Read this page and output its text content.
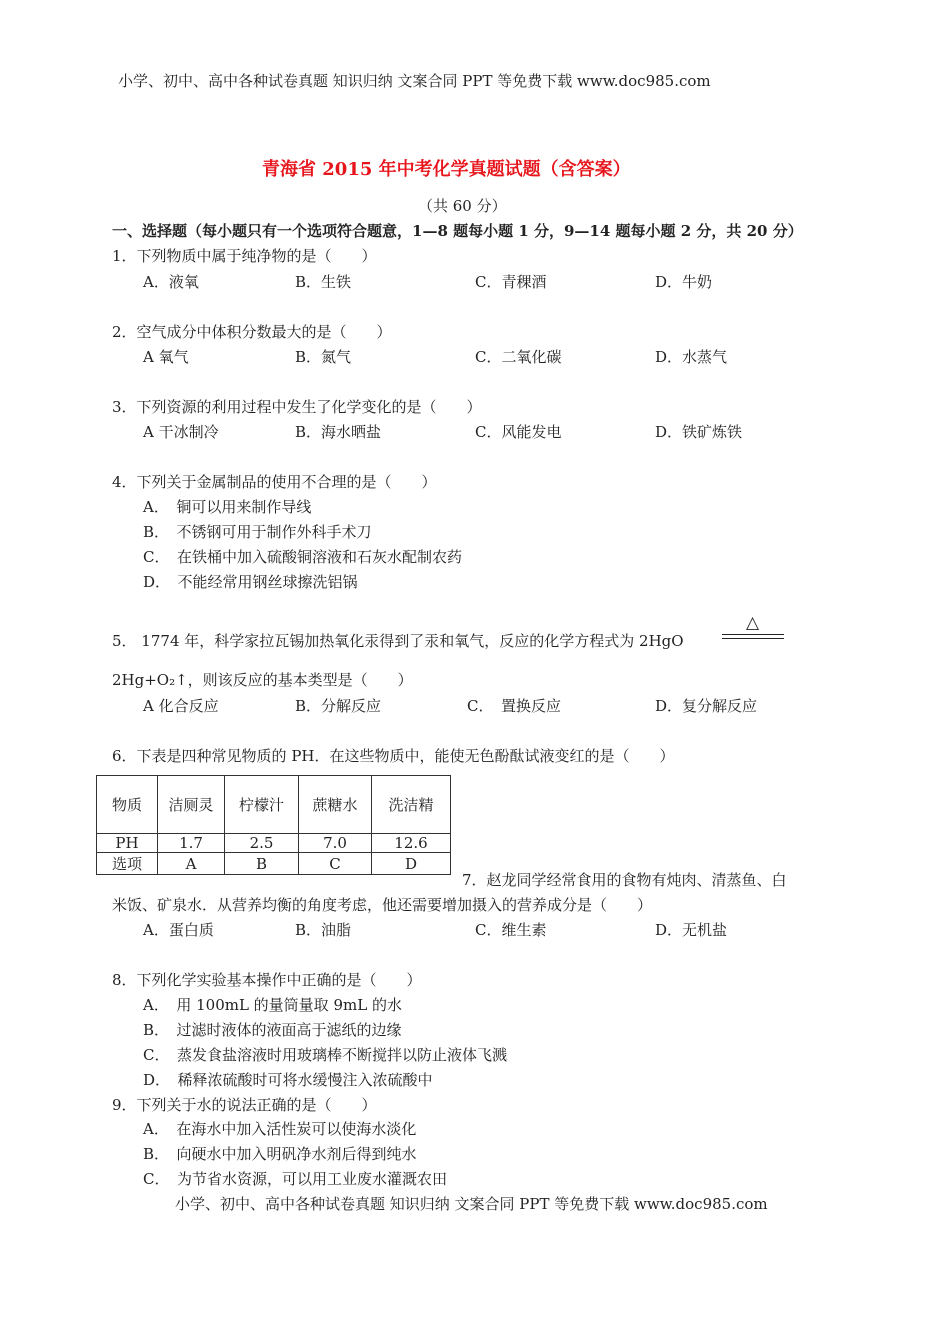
小学、初中、高中各种试卷真题 知识归纳 文案合同 PPT 等免费下载 www.doc985.com
青海省 2015 年中考化学真题试题（含答案）
（共 60 分）
一、选择题（每小题只有一个选项符合题意，1—8 题每小题 1 分，9—14 题每小题 2 分，共 20 分）
1．下列物质中属于纯净物的是（　　）
A．液氧	B．生铁	C．青稞酒	D．牛奶
2．空气成分中体积分数最大的是（　　）
A 氧气	B．氮气	C．二氧化碳	D．水蒸气
3．下列资源的利用过程中发生了化学变化的是（　　）
A 干冰制冷	B．海水晒盐	C．风能发电	D．铁矿炼铁
4．下列关于金属制品的使用不合理的是（　　）
A．　铜可以用来制作导线
B．　不锈钢可用于制作外科手术刀
C．　在铁桶中加入硫酸铜溶液和石灰水配制农药
D．　不能经常用钢丝球擦洗铝锅
5． 1774 年，科学家拉瓦锡加热氧化汞得到了汞和氧气，反应的化学方程式为 2HgO
△
2Hg+O₂↑，则该反应的基本类型是（　　）
A 化合反应	B．分解反应	C．　置换反应	D．复分解反应
6．下表是四种常见物质的 PH．在这些物质中，能使无色酚酞试液变红的是（　　）
物质	洁厕灵	柠檬汁	蔗糖水	洗洁精
PH	1.7	2.5	7.0	12.6
选项	A	B	C	D
7．赵龙同学经常食用的食物有炖肉、清蒸鱼、白
米饭、矿泉水．从营养均衡的角度考虑，他还需要增加摄入的营养成分是（　　）
A．蛋白质	B．油脂	C．维生素	D．无机盐
8．下列化学实验基本操作中正确的是（　　）
A．　用 100mL 的量筒量取 9mL 的水
B．　过滤时液体的液面高于滤纸的边缘
C．　蒸发食盐溶液时用玻璃棒不断搅拌以防止液体飞溅
D．　稀释浓硫酸时可将水缓慢注入浓硫酸中
9．下列关于水的说法正确的是（　　）
A．　在海水中加入活性炭可以使海水淡化
B．　向硬水中加入明矾净水剂后得到纯水
C．　为节省水资源，可以用工业废水灌溉农田
小学、初中、高中各种试卷真题 知识归纳 文案合同 PPT 等免费下载 www.doc985.com
